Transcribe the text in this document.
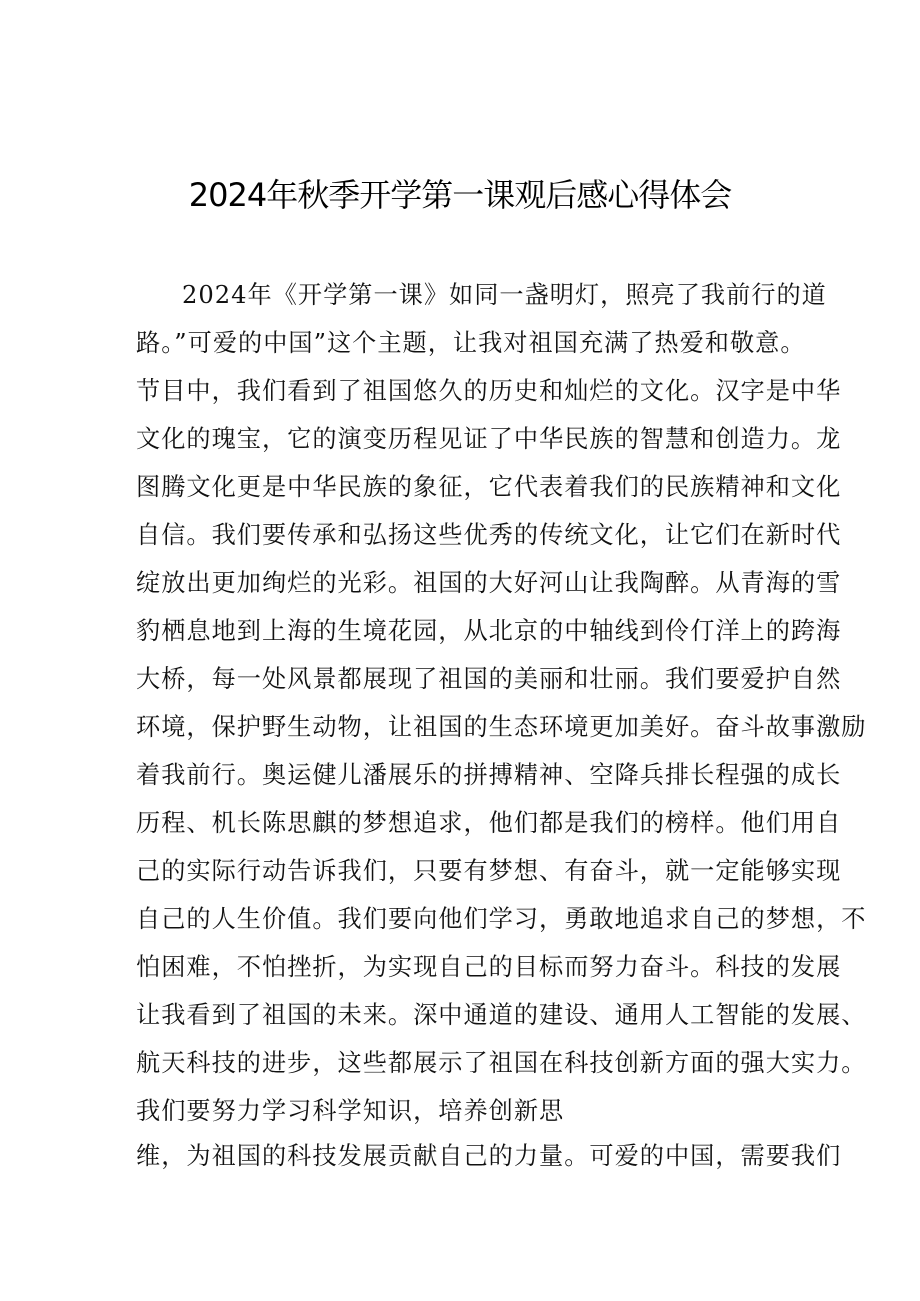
2024年秋季开学第一课观后感心得体会
2024年《开学第一课》如同一盏明灯，照亮了我前行的道
路。”可爱的中国”这个主题，让我对祖国充满了热爱和敬意。
节目中，我们看到了祖国悠久的历史和灿烂的文化。汉字是中华
文化的瑰宝，它的演变历程见证了中华民族的智慧和创造力。龙
图腾文化更是中华民族的象征，它代表着我们的民族精神和文化
自信。我们要传承和弘扬这些优秀的传统文化，让它们在新时代
绽放出更加绚烂的光彩。祖国的大好河山让我陶醉。从青海的雪
豹栖息地到上海的生境花园，从北京的中轴线到伶仃洋上的跨海
大桥，每一处风景都展现了祖国的美丽和壮丽。我们要爱护自然
环境，保护野生动物，让祖国的生态环境更加美好。奋斗故事激励
着我前行。奥运健儿潘展乐的拼搏精神、空降兵排长程强的成长
历程、机长陈思麒的梦想追求，他们都是我们的榜样。他们用自
己的实际行动告诉我们，只要有梦想、有奋斗，就一定能够实现
自己的人生价值。我们要向他们学习，勇敢地追求自己的梦想，不
怕困难，不怕挫折，为实现自己的目标而努力奋斗。科技的发展
让我看到了祖国的未来。深中通道的建设、通用人工智能的发展、
航天科技的进步，这些都展示了祖国在科技创新方面的强大实力。
我们要努力学习科学知识，培养创新思
维，为祖国的科技发展贡献自己的力量。可爱的中国，需要我们
